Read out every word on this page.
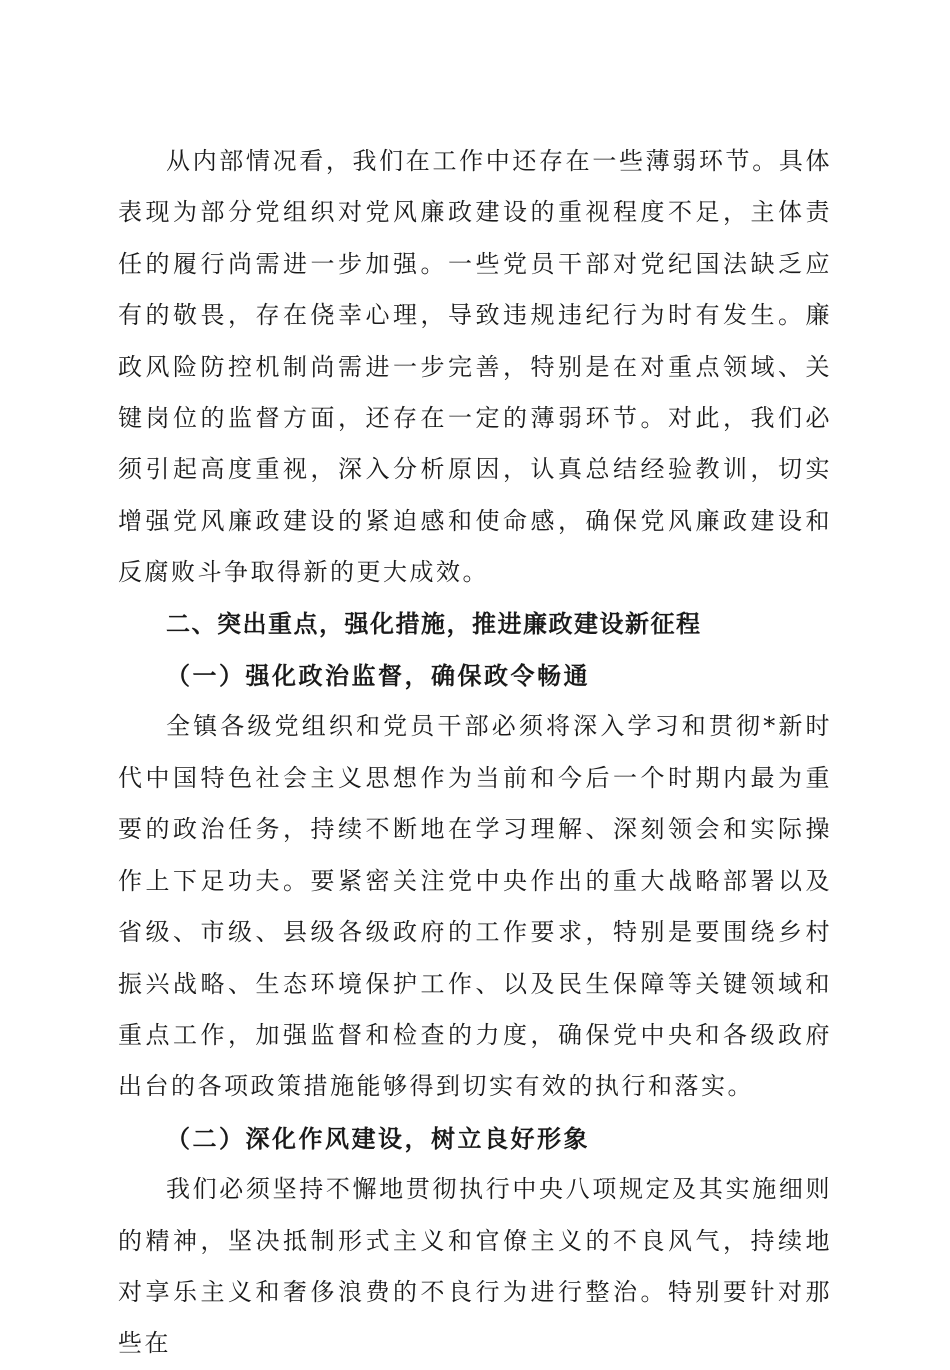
从内部情况看，我们在工作中还存在一些薄弱环节。具体表现为部分党组织对党风廉政建设的重视程度不足，主体责任的履行尚需进一步加强。一些党员干部对党纪国法缺乏应有的敬畏，存在侥幸心理，导致违规违纪行为时有发生。廉政风险防控机制尚需进一步完善，特别是在对重点领域、关键岗位的监督方面，还存在一定的薄弱环节。对此，我们必须引起高度重视，深入分析原因，认真总结经验教训，切实增强党风廉政建设的紧迫感和使命感，确保党风廉政建设和反腐败斗争取得新的更大成效。

二、突出重点，强化措施，推进廉政建设新征程

（一）强化政治监督，确保政令畅通

全镇各级党组织和党员干部必须将深入学习和贯彻*新时代中国特色社会主义思想作为当前和今后一个时期内最为重要的政治任务，持续不断地在学习理解、深刻领会和实际操作上下足功夫。要紧密关注党中央作出的重大战略部署以及省级、市级、县级各级政府的工作要求，特别是要围绕乡村振兴战略、生态环境保护工作、以及民生保障等关键领域和重点工作，加强监督和检查的力度，确保党中央和各级政府出台的各项政策措施能够得到切实有效的执行和落实。

（二）深化作风建设，树立良好形象

我们必须坚持不懈地贯彻执行中央八项规定及其实施细则的精神，坚决抵制形式主义和官僚主义的不良风气，持续地对享乐主义和奢侈浪费的不良行为进行整治。特别要针对那些在
